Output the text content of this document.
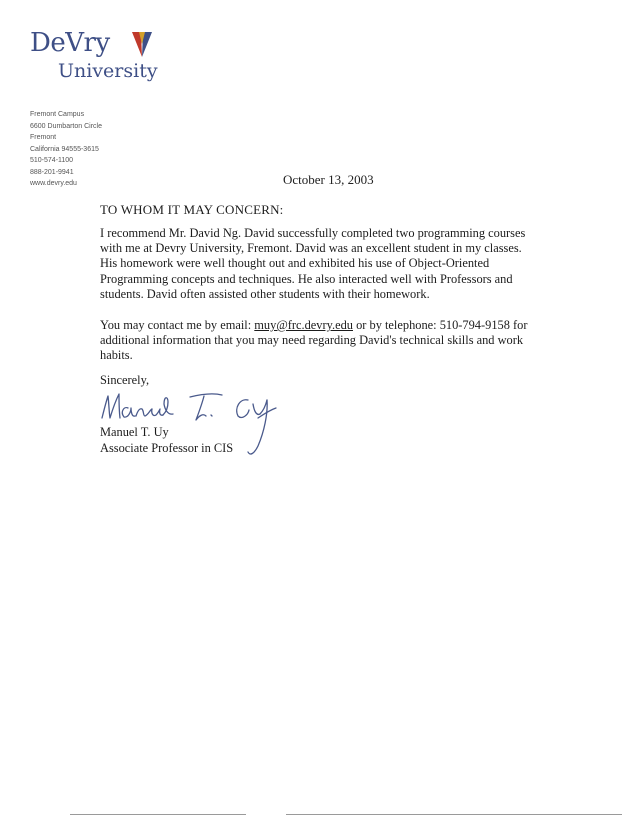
DeVry
University
Fremont Campus
6600 Dumbarton Circle
Fremont
California 94555-3615
510-574-1100
888-201-9941
www.devry.edu	October 13, 2003
TO WHOM IT MAY CONCERN:
I recommend Mr. David Ng. David successfully completed two programming courses
with me at Devry University, Fremont. David was an excellent student in my classes.
His homework were well thought out and exhibited his use of Object-Oriented
Programming concepts and techniques. He also interacted well with Professors and
students. David often assisted other students with their homework.
You may contact me by email: muy@frc.devry.edu or by telephone: 510-794-9158 for
additional information that you may need regarding David's technical skills and work
habits.
Sincerely,
Manuel T. Uy
Associate Professor in CIS
